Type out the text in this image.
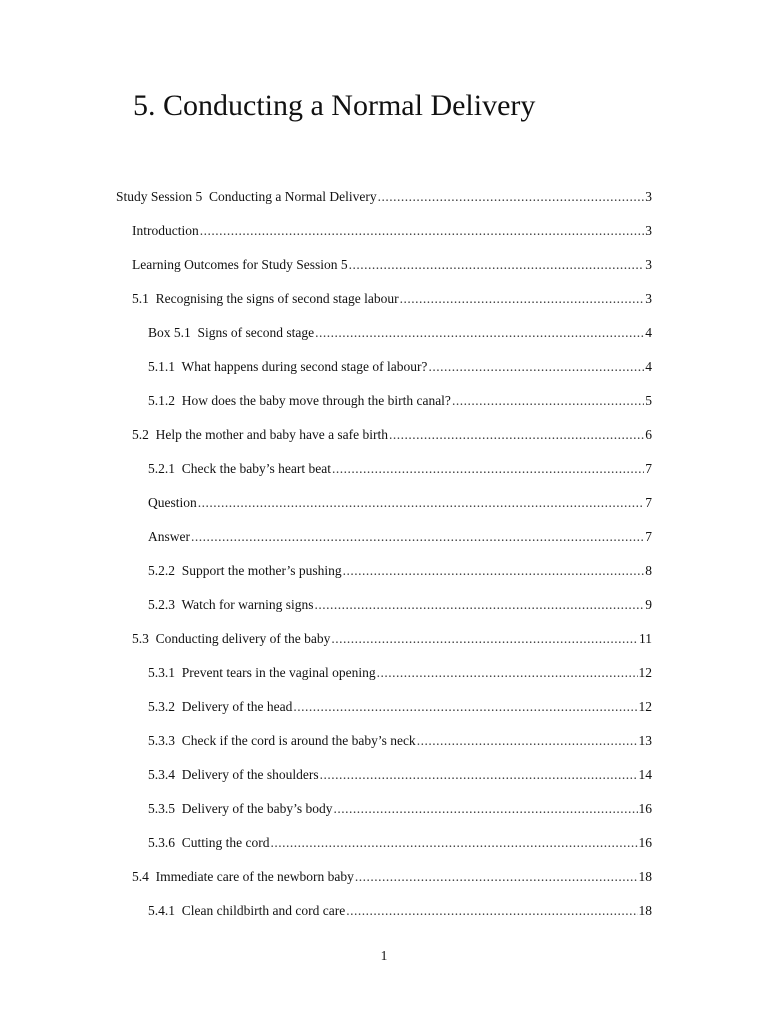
5. Conducting a Normal Delivery
Study Session 5  Conducting a Normal Delivery .....	3
Introduction .....	3
Learning Outcomes for Study Session 5 .....	3
5.1  Recognising the signs of second stage labour .....	3
Box 5.1  Signs of second stage .....	4
5.1.1  What happens during second stage of labour? .....	4
5.1.2  How does the baby move through the birth canal? .....	5
5.2  Help the mother and baby have a safe birth .....	6
5.2.1  Check the baby’s heart beat .....	7
Question .....	7
Answer .....	7
5.2.2  Support the mother’s pushing .....	8
5.2.3  Watch for warning signs .....	9
5.3  Conducting delivery of the baby .....	11
5.3.1  Prevent tears in the vaginal opening .....	12
5.3.2  Delivery of the head .....	12
5.3.3  Check if the cord is around the baby’s neck .....	13
5.3.4  Delivery of the shoulders .....	14
5.3.5  Delivery of the baby’s body .....	16
5.3.6  Cutting the cord .....	16
5.4  Immediate care of the newborn baby .....	18
5.4.1  Clean childbirth and cord care .....	18
1
